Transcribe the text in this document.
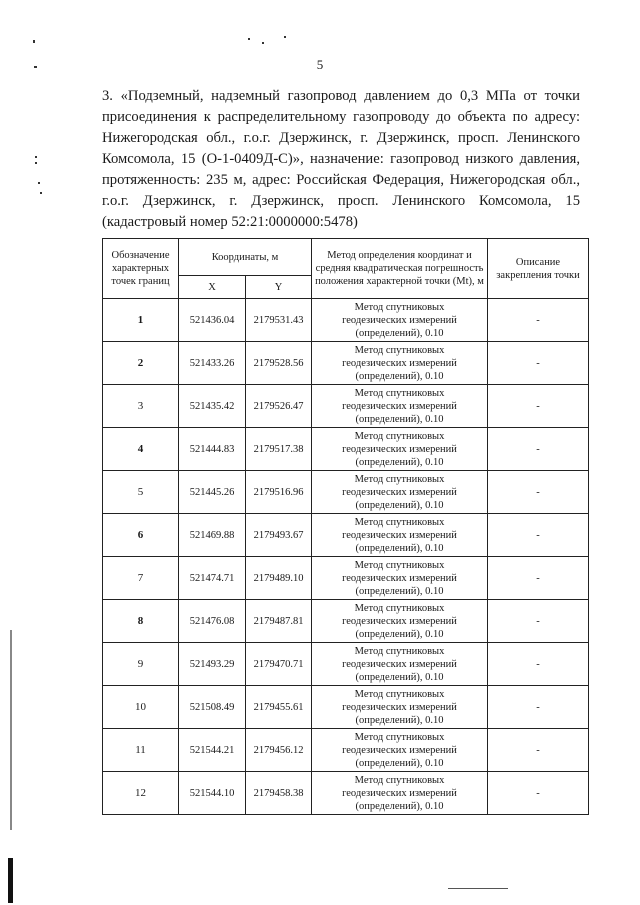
5

3. «Подземный, надземный газопровод давлением до 0,3 МПа от точки присоединения к распределительному газопроводу до объекта по адресу: Нижегородская обл., г.о.г. Дзержинск, г. Дзержинск, просп. Ленинского Комсомола, 15 (О-1-0409Д-С)», назначение: газопровод низкого давления, протяженность: 235 м, адрес: Российская Федерация, Нижегородская обл., г.о.г. Дзержинск, г. Дзержинск, просп. Ленинского Комсомола, 15 (кадастровый номер 52:21:0000000:5478)

Обозначение характерных точек границ	Координаты, м		Метод определения координат и средняя квадратическая погрешность положения характерной точки (Mt), м	Описание закрепления точки
	X	Y		
1	521436.04	2179531.43	Метод спутниковых
геодезических измерений
(определений), 0.10	-
2	521433.26	2179528.56	Метод спутниковых
геодезических измерений
(определений), 0.10	-
3	521435.42	2179526.47	Метод спутниковых
геодезических измерений
(определений), 0.10	-
4	521444.83	2179517.38	Метод спутниковых
геодезических измерений
(определений), 0.10	-
5	521445.26	2179516.96	Метод спутниковых
геодезических измерений
(определений), 0.10	-
6	521469.88	2179493.67	Метод спутниковых
геодезических измерений
(определений), 0.10	-
7	521474.71	2179489.10	Метод спутниковых
геодезических измерений
(определений), 0.10	-
8	521476.08	2179487.81	Метод спутниковых
геодезических измерений
(определений), 0.10	-
9	521493.29	2179470.71	Метод спутниковых
геодезических измерений
(определений), 0.10	-
10	521508.49	2179455.61	Метод спутниковых
геодезических измерений
(определений), 0.10	-
11	521544.21	2179456.12	Метод спутниковых
геодезических измерений
(определений), 0.10	-
12	521544.10	2179458.38	Метод спутниковых
геодезических измерений
(определений), 0.10	-
